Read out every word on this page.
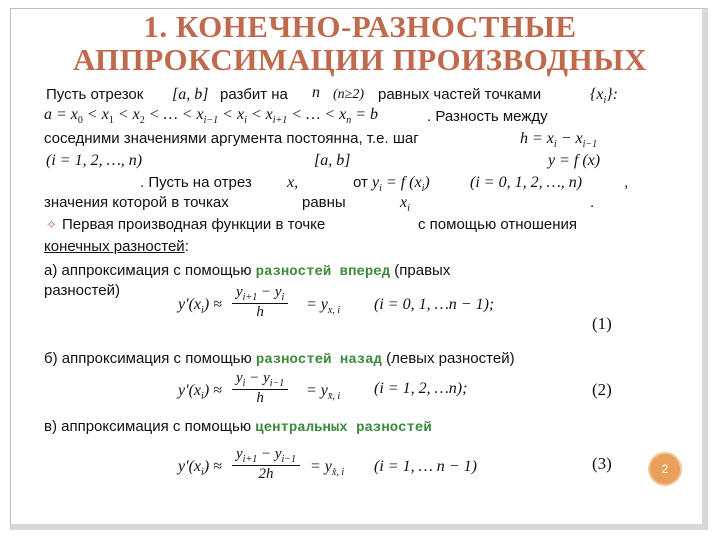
1. КОНЕЧНО-РАЗНОСТНЫЕ
АППРОКСИМАЦИИ ПРОИЗВОДНЫХ
Пусть отрезок [a, b] разбит на n (n≥2) равных частей точками	$\{x_i\}$:
$a = x_0 < x_1 < x_2$ < … < $x_{i-1} < x_i < x_{i+1}$ < … < $x_n = b$	. Разность между
соседними значениями аргумента постоянна, т.е. шаг	$h = x_i - x_{i-1}$
(i = 1, 2, …, n)	[a, b]	y = f (x)
. Пусть на отрез x,	от $y_i = f$ $(x_i)$	(i = 0, 1, 2, …, n)	,
значения которой в точках	равны	$x_i$	.
✧ Первая производная функции в точке	с помощью отношения
конечных разностей:
а) аппроксимация с помощью разностей вперед (правых
разностей)
$y'(x_i) \approx \frac{y_{i+1} - y_i}{h} = y_{x, i}$ (i = 0, 1, …n − 1);
(1)
б) аппроксимация с помощью разностей назад (левых разностей)
$y'(x_i) \approx \frac{y_i - y_{i-1}}{h} = y_{x̄, i}$ (i = 1, 2, …n);	(2)
в) аппроксимация с помощью центральных разностей
$y'(x_i) \approx \frac{y_{i+1} - y_{i-1}}{2h} = y_{x̊, i}$ (i = 1, … n − 1)	(3)	2
